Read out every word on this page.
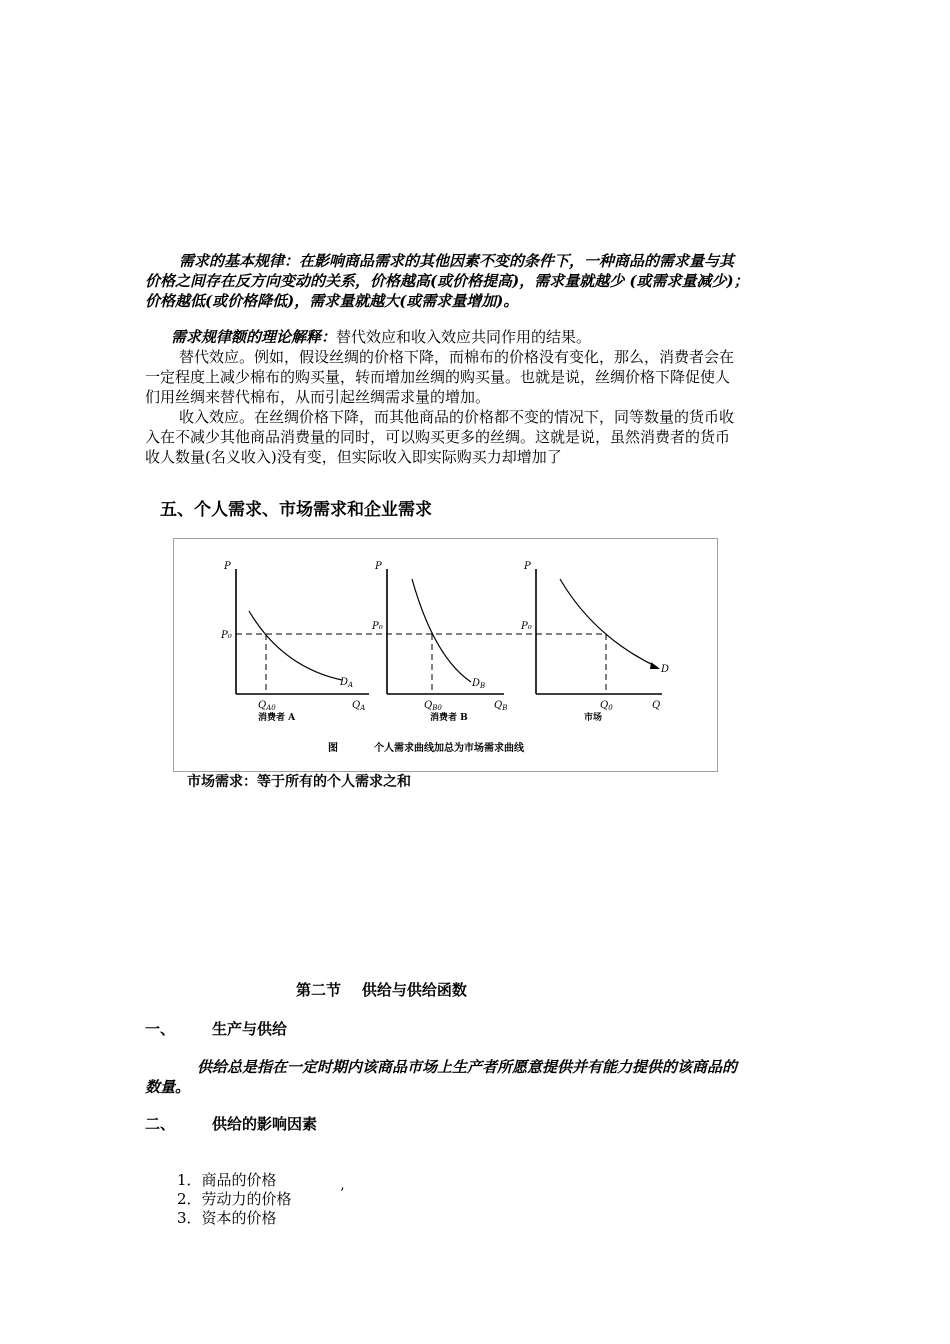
需求的基本规律：在影响商品需求的其他因素不变的条件下，一种商品的需求量与其

价格之间存在反方向变动的关系，价格越高(或价格提高)，需求量就越少 (或需求量减少)；

价格越低(或价格降低)，需求量就越大(或需求量增加)。

需求规律额的理论解释：替代效应和收入效应共同作用的结果。

替代效应。例如，假设丝绸的价格下降，而棉布的价格没有变化，那么，消费者会在

一定程度上减少棉布的购买量，转而增加丝绸的购买量。也就是说，丝绸价格下降促使人

们用丝绸来替代棉布，从而引起丝绸需求量的增加。

收入效应。在丝绸价格下降，而其他商品的价格都不变的情况下，同等数量的货币收

入在不减少其他商品消费量的同时，可以购买更多的丝绸。这就是说，虽然消费者的货币

收人数量(名义收入)没有变，但实际收入即实际购买力却增加了

五、个人需求、市场需求和企业需求
P
P₀
$D_A$
$Q_{A0}$	$Q_A$
消费者 A
P
P₀
$D_B$
$Q_{B0}$	$Q_B$
消费者 B
P
P₀
D
$Q_0$	Q
市场
图	个人需求曲线加总为市场需求曲线
市场需求：等于所有的个人需求之和
第二节    供给与供给函数
一、 生产与供给

供给总是指在一定时期内该商品市场上生产者所愿意提供并有能力提供的该商品的

数量。

二、 供给的影响因素

1．商品的价格

2．劳动力的价格

3．资本的价格

’
